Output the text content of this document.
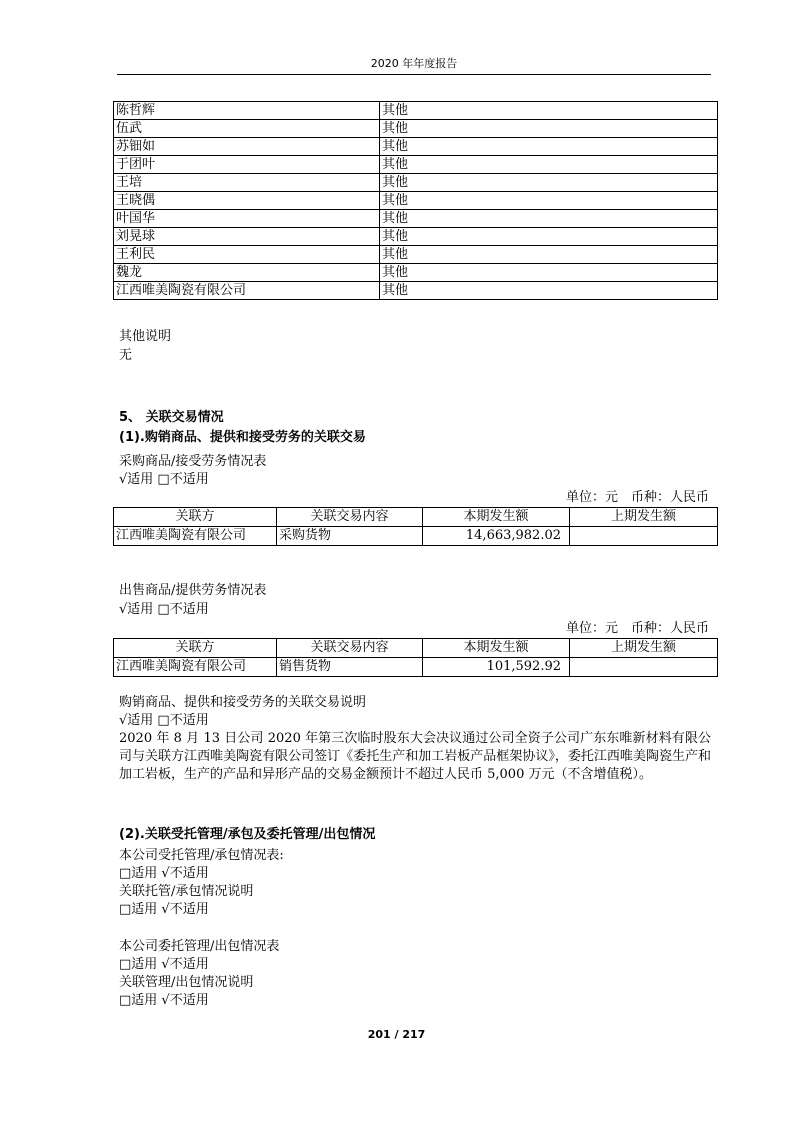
2020 年年度报告
陈哲辉	其他
伍武	其他
苏钿如	其他
于团叶	其他
王培	其他
王晓偶	其他
叶国华	其他
刘晃球	其他
王利民	其他
魏龙	其他
江西唯美陶瓷有限公司	其他
其他说明
无
5、 关联交易情况
(1).购销商品、提供和接受劳务的关联交易
采购商品/接受劳务情况表
√适用 □不适用
单位：元　币种：人民币
关联方	关联交易内容	本期发生额	上期发生额
江西唯美陶瓷有限公司	采购货物	14,663,982.02	
出售商品/提供劳务情况表
√适用 □不适用
单位：元　币种：人民币
关联方	关联交易内容	本期发生额	上期发生额
江西唯美陶瓷有限公司	销售货物	101,592.92	
购销商品、提供和接受劳务的关联交易说明
√适用 □不适用
2020 年 8 月 13 日公司 2020 年第三次临时股东大会决议通过公司全资子公司广东东唯新材料有限公司与关联方江西唯美陶瓷有限公司签订《委托生产和加工岩板产品框架协议》，委托江西唯美陶瓷生产和加工岩板，生产的产品和异形产品的交易金额预计不超过人民币 5,000 万元（不含增值税）。
(2).关联受托管理/承包及委托管理/出包情况
本公司受托管理/承包情况表:
□适用 √不适用
关联托管/承包情况说明
□适用 √不适用
本公司委托管理/出包情况表
□适用 √不适用
关联管理/出包情况说明
□适用 √不适用
201 / 217
